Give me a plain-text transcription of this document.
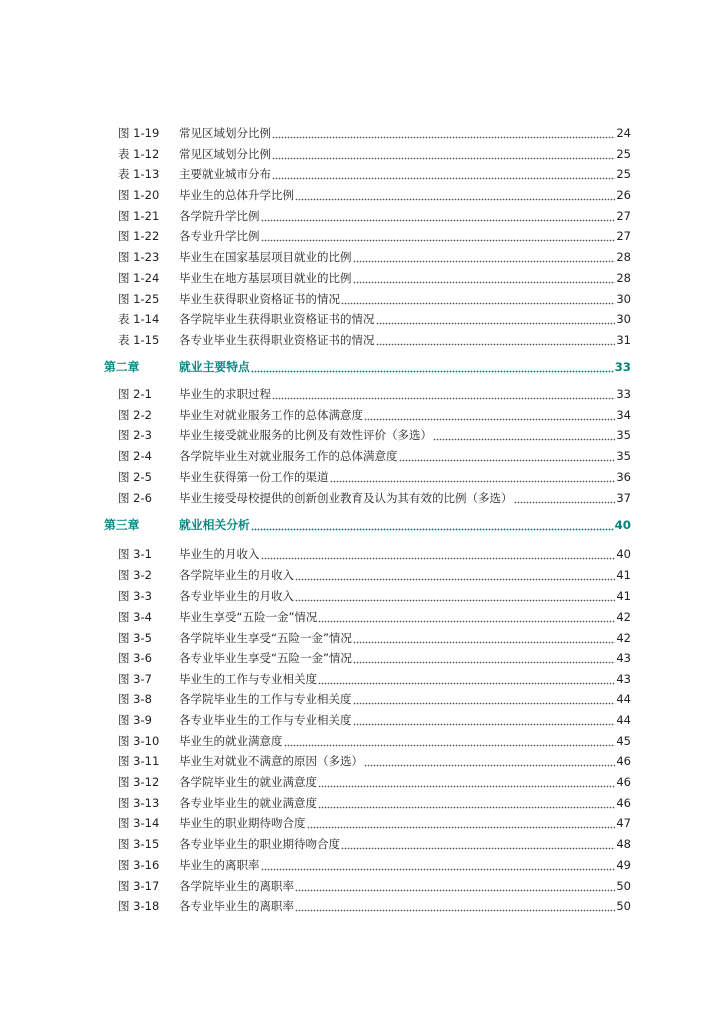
图 1-19	常见区域划分比例	24
表 1-12	常见区域划分比例	25
表 1-13	主要就业城市分布	25
图 1-20	毕业生的总体升学比例	26
图 1-21	各学院升学比例	27
图 1-22	各专业升学比例	27
图 1-23	毕业生在国家基层项目就业的比例	28
图 1-24	毕业生在地方基层项目就业的比例	28
图 1-25	毕业生获得职业资格证书的情况	30
表 1-14	各学院毕业生获得职业资格证书的情况	30
表 1-15	各专业毕业生获得职业资格证书的情况	31
第二章	就业主要特点	33
图 2-1	毕业生的求职过程	33
图 2-2	毕业生对就业服务工作的总体满意度	34
图 2-3	毕业生接受就业服务的比例及有效性评价（多选）	35
图 2-4	各学院毕业生对就业服务工作的总体满意度	35
图 2-5	毕业生获得第一份工作的渠道	36
图 2-6	毕业生接受母校提供的创新创业教育及认为其有效的比例（多选）	37
第三章	就业相关分析	40
图 3-1	毕业生的月收入	40
图 3-2	各学院毕业生的月收入	41
图 3-3	各专业毕业生的月收入	41
图 3-4	毕业生享受“五险一金”情况	42
图 3-5	各学院毕业生享受“五险一金”情况	42
图 3-6	各专业毕业生享受“五险一金”情况	43
图 3-7	毕业生的工作与专业相关度	43
图 3-8	各学院毕业生的工作与专业相关度	44
图 3-9	各专业毕业生的工作与专业相关度	44
图 3-10	毕业生的就业满意度	45
图 3-11	毕业生对就业不满意的原因（多选）	46
图 3-12	各学院毕业生的就业满意度	46
图 3-13	各专业毕业生的就业满意度	46
图 3-14	毕业生的职业期待吻合度	47
图 3-15	各专业毕业生的职业期待吻合度	48
图 3-16	毕业生的离职率	49
图 3-17	各学院毕业生的离职率	50
图 3-18	各专业毕业生的离职率	50
